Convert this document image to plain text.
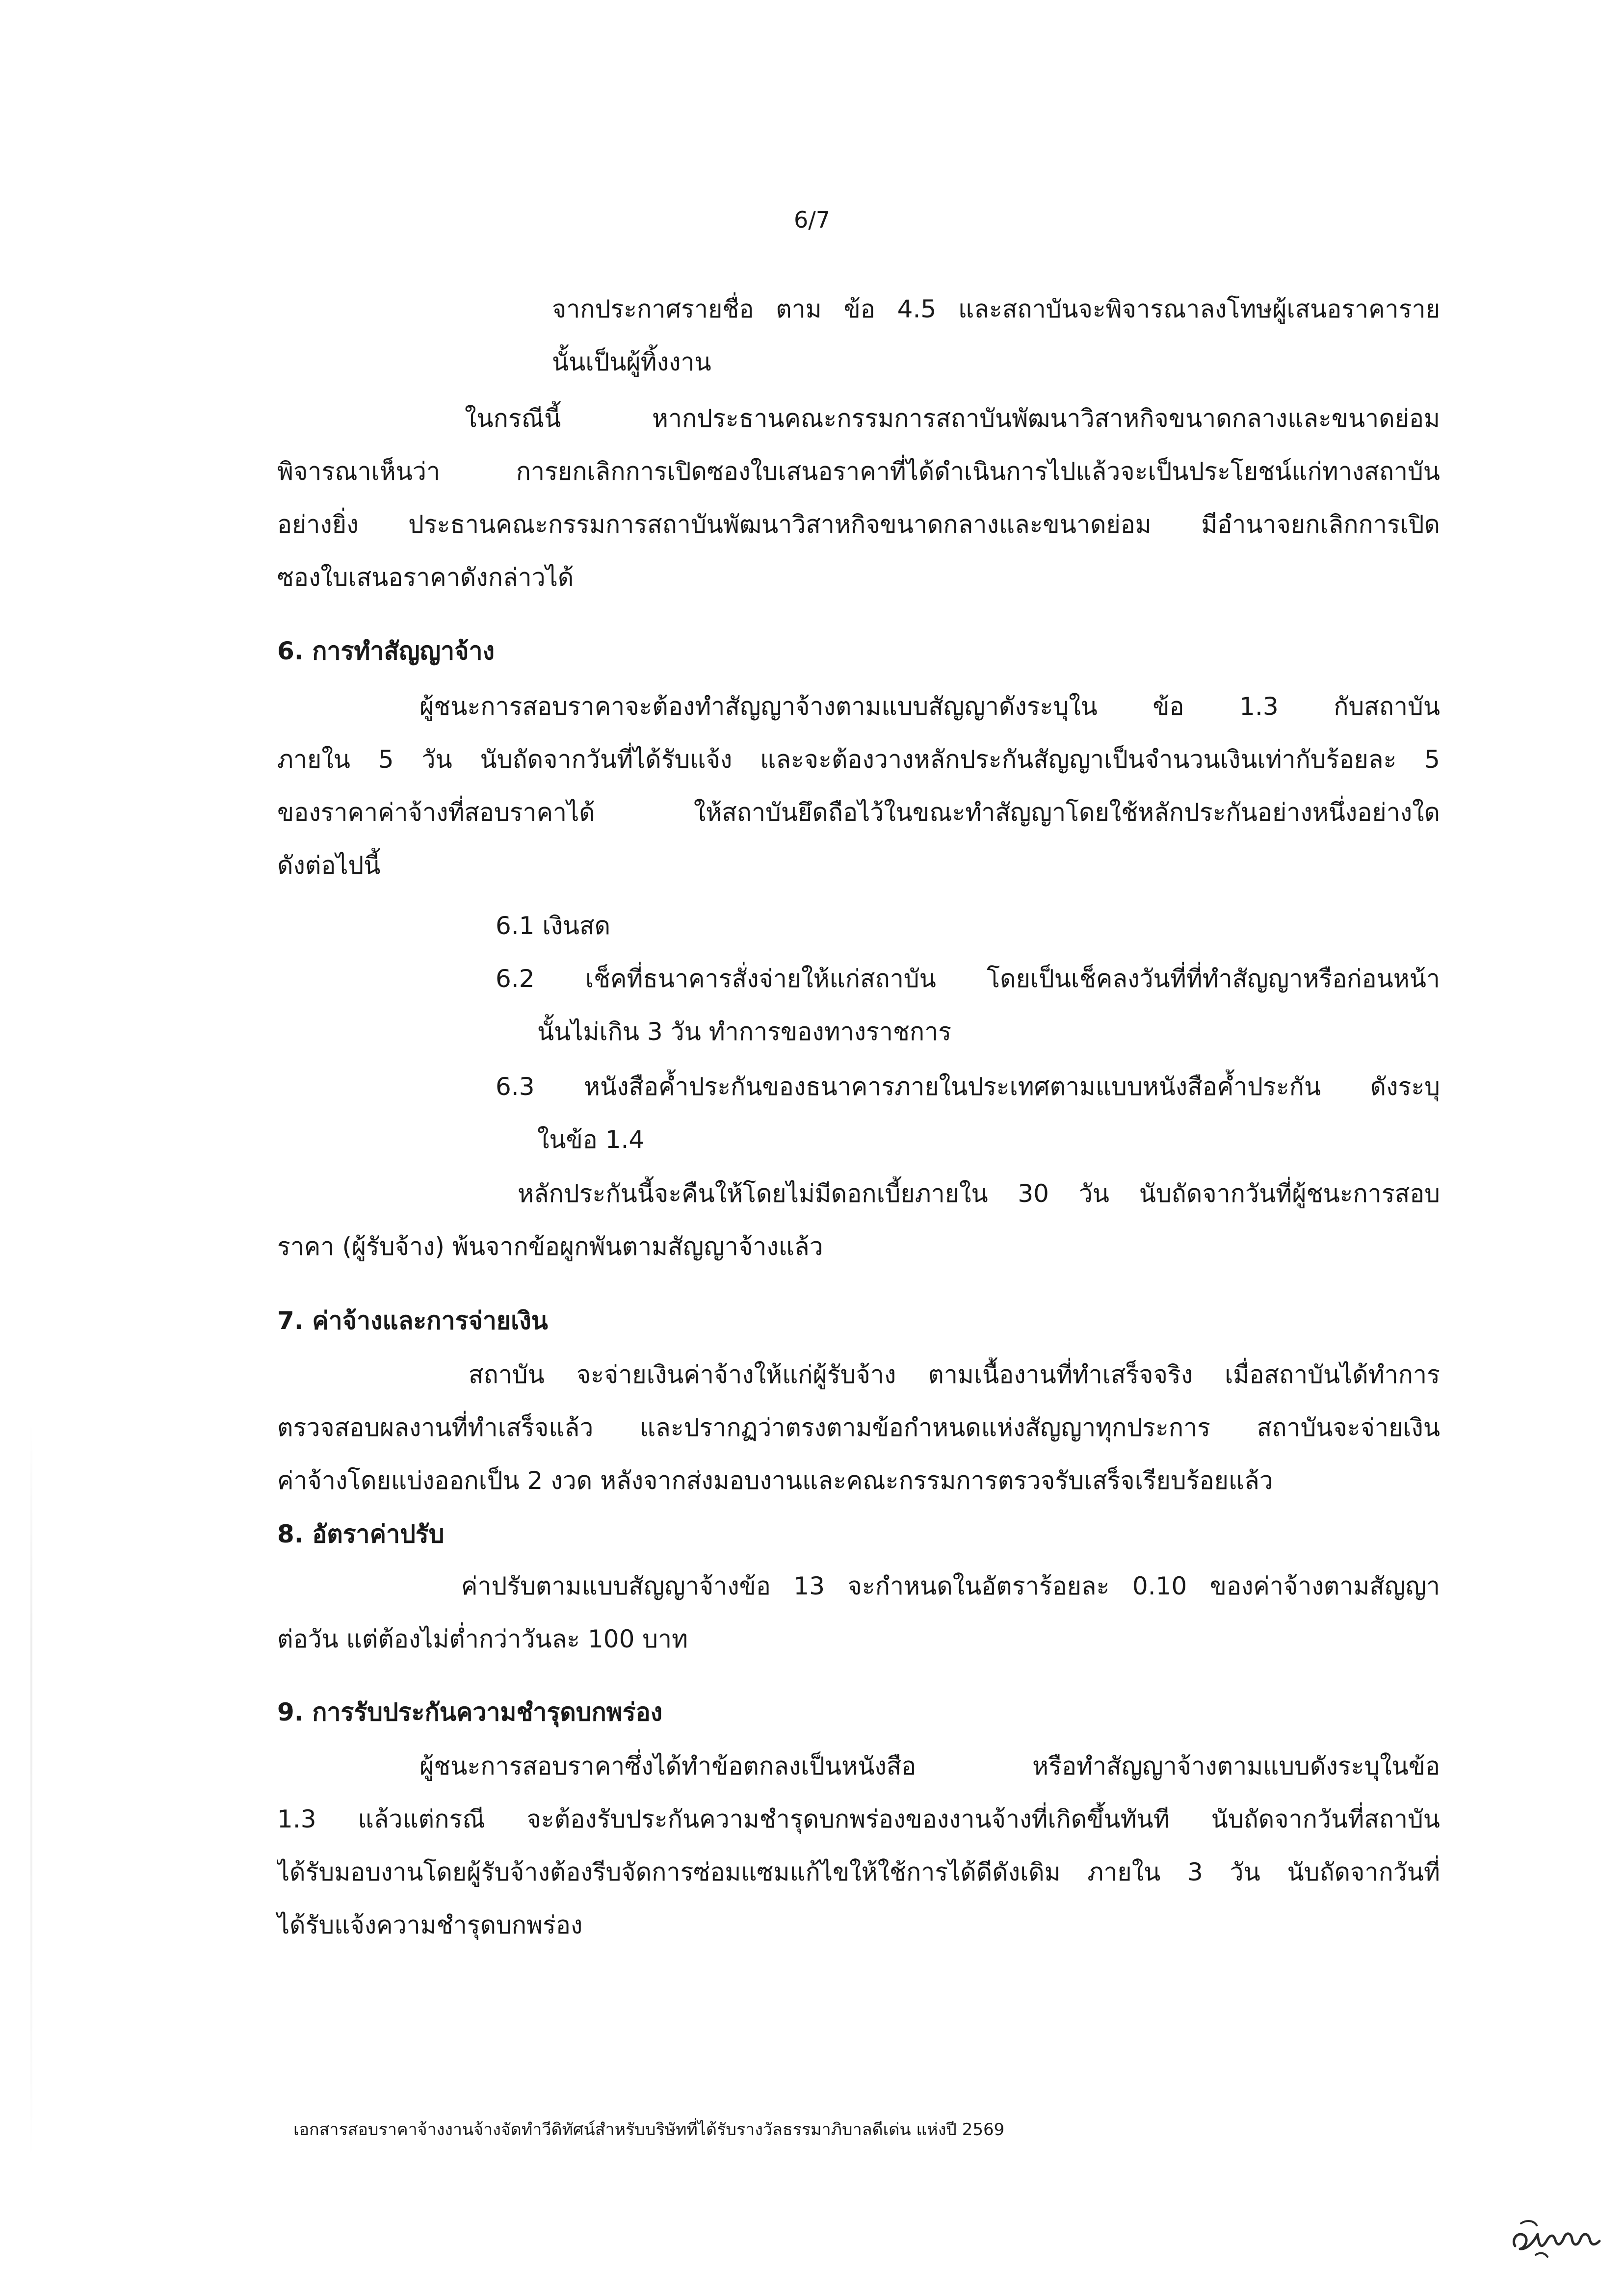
6/7
จากประกาศรายชื่อ ตาม ข้อ 4.5 และสถาบันจะพิจารณาลงโทษผู้เสนอราคาราย
นั้นเป็นผู้ทิ้งงาน
ในกรณีนี้ หากประธานคณะกรรมการสถาบันพัฒนาวิสาหกิจขนาดกลางและขนาดย่อม
พิจารณาเห็นว่า การยกเลิกการเปิดซองใบเสนอราคาที่ได้ดำเนินการไปแล้วจะเป็นประโยชน์แก่ทางสถาบัน
อย่างยิ่ง ประธานคณะกรรมการสถาบันพัฒนาวิสาหกิจขนาดกลางและขนาดย่อม มีอำนาจยกเลิกการเปิด
ซองใบเสนอราคาดังกล่าวได้
6. การทำสัญญาจ้าง
ผู้ชนะการสอบราคาจะต้องทำสัญญาจ้างตามแบบสัญญาดังระบุใน ข้อ 1.3 กับสถาบัน
ภายใน 5 วัน นับถัดจากวันที่ได้รับแจ้ง และจะต้องวางหลักประกันสัญญาเป็นจำนวนเงินเท่ากับร้อยละ 5
ของราคาค่าจ้างที่สอบราคาได้ ให้สถาบันยึดถือไว้ในขณะทำสัญญาโดยใช้หลักประกันอย่างหนึ่งอย่างใด
ดังต่อไปนี้
6.1 เงินสด
6.2 เช็คที่ธนาคารสั่งจ่ายให้แก่สถาบัน โดยเป็นเช็คลงวันที่ที่ทำสัญญาหรือก่อนหน้า
นั้นไม่เกิน 3 วัน ทำการของทางราชการ
6.3 หนังสือค้ำประกันของธนาคารภายในประเทศตามแบบหนังสือค้ำประกัน ดังระบุ
ในข้อ 1.4
หลักประกันนี้จะคืนให้โดยไม่มีดอกเบี้ยภายใน 30 วัน นับถัดจากวันที่ผู้ชนะการสอบ
ราคา (ผู้รับจ้าง) พ้นจากข้อผูกพันตามสัญญาจ้างแล้ว
7. ค่าจ้างและการจ่ายเงิน
สถาบัน จะจ่ายเงินค่าจ้างให้แก่ผู้รับจ้าง ตามเนื้องานที่ทำเสร็จจริง เมื่อสถาบันได้ทำการ
ตรวจสอบผลงานที่ทำเสร็จแล้ว และปรากฏว่าตรงตามข้อกำหนดแห่งสัญญาทุกประการ สถาบันจะจ่ายเงิน
ค่าจ้างโดยแบ่งออกเป็น 2 งวด หลังจากส่งมอบงานและคณะกรรมการตรวจรับเสร็จเรียบร้อยแล้ว
8. อัตราค่าปรับ
ค่าปรับตามแบบสัญญาจ้างข้อ 13 จะกำหนดในอัตราร้อยละ 0.10 ของค่าจ้างตามสัญญา
ต่อวัน แต่ต้องไม่ต่ำกว่าวันละ 100 บาท
9. การรับประกันความชำรุดบกพร่อง
ผู้ชนะการสอบราคาซึ่งได้ทำข้อตกลงเป็นหนังสือ หรือทำสัญญาจ้างตามแบบดังระบุในข้อ
1.3 แล้วแต่กรณี จะต้องรับประกันความชำรุดบกพร่องของงานจ้างที่เกิดขึ้นทันที นับถัดจากวันที่สถาบัน
ได้รับมอบงานโดยผู้รับจ้างต้องรีบจัดการซ่อมแซมแก้ไขให้ใช้การได้ดีดังเดิม ภายใน 3 วัน นับถัดจากวันที่
ได้รับแจ้งความชำรุดบกพร่อง
เอกสารสอบราคาจ้างงานจ้างจัดทำวีดิทัศน์สำหรับบริษัทที่ได้รับรางวัลธรรมาภิบาลดีเด่น แห่งปี 2569
